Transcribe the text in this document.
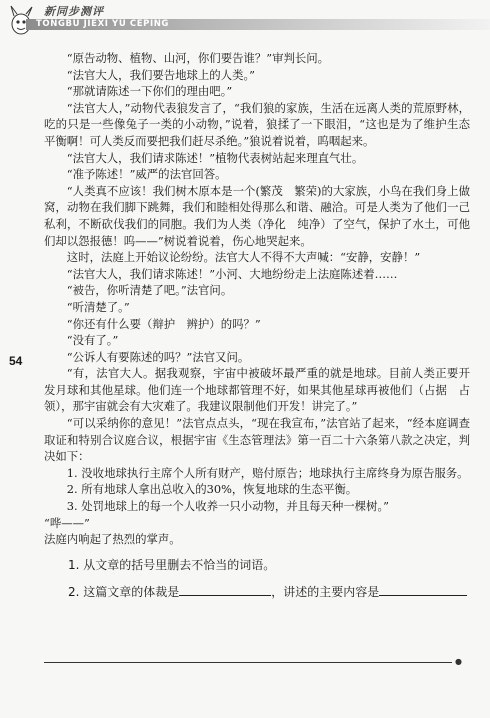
新同步测评
TONGBU JIEXI YU CEPING
54

“原告动物、植物、山河，你们要告谁？”审判长问。

“法官大人，我们要告地球上的人类。”

“那就请陈述一下你们的理由吧。”

“法官大人，”动物代表狼发言了，“我们狼的家族，生活在远离人类的荒原野林，吃的只是一些像兔子一类的小动物，”说着，狼揉了一下眼泪，“这也是为了维护生态平衡啊！可人类反而要把我们赶尽杀绝。”狼说着说着，呜咽起来。

“法官大人，我们请求陈述！”植物代表树站起来理直气壮。

“准予陈述！”威严的法官回答。

“人类真不应该！我们树木原本是一个(繁茂　繁荣)的大家族，小鸟在我们身上做窝，动物在我们脚下跳舞，我们和睦相处得那么和谐、融洽。可是人类为了他们一己私利，不断砍伐我们的同胞。我们为人类（净化　纯净）了空气，保护了水土，可他们却以怨报德！呜——”树说着说着，伤心地哭起来。

这时，法庭上开始议论纷纷。法官大人不得不大声喊：“安静，安静！”

“法官大人，我们请求陈述！”小河、大地纷纷走上法庭陈述着……

“被告，你听清楚了吧。”法官问。

“听清楚了。”

“你还有什么要（辩护　辨护）的吗？”

“没有了。”

“公诉人有要陈述的吗？”法官又问。

“有，法官大人。据我观察，宇宙中被破坏最严重的就是地球。目前人类正要开发月球和其他星球。他们连一个地球都管理不好，如果其他星球再被他们（占据　占领），那宇宙就会有大灾难了。我建议限制他们开发！讲完了。”

“可以采纳你的意见！”法官点点头，“现在我宣布，”法官站了起来，“经本庭调查取证和特别合议庭合议，根据宇宙《生态管理法》第一百二十六条第八款之决定，判决如下：

1. 没收地球执行主席个人所有财产，赔付原告；地球执行主席终身为原告服务。

2. 所有地球人拿出总收入的30%，恢复地球的生态平衡。

3. 处罚地球上的每一个人收养一只小动物，并且每天种一棵树。”

“哗——”

法庭内响起了热烈的掌声。

1. 从文章的括号里删去不恰当的词语。

2. 这篇文章的体裁是	，讲述的主要内容是

●
